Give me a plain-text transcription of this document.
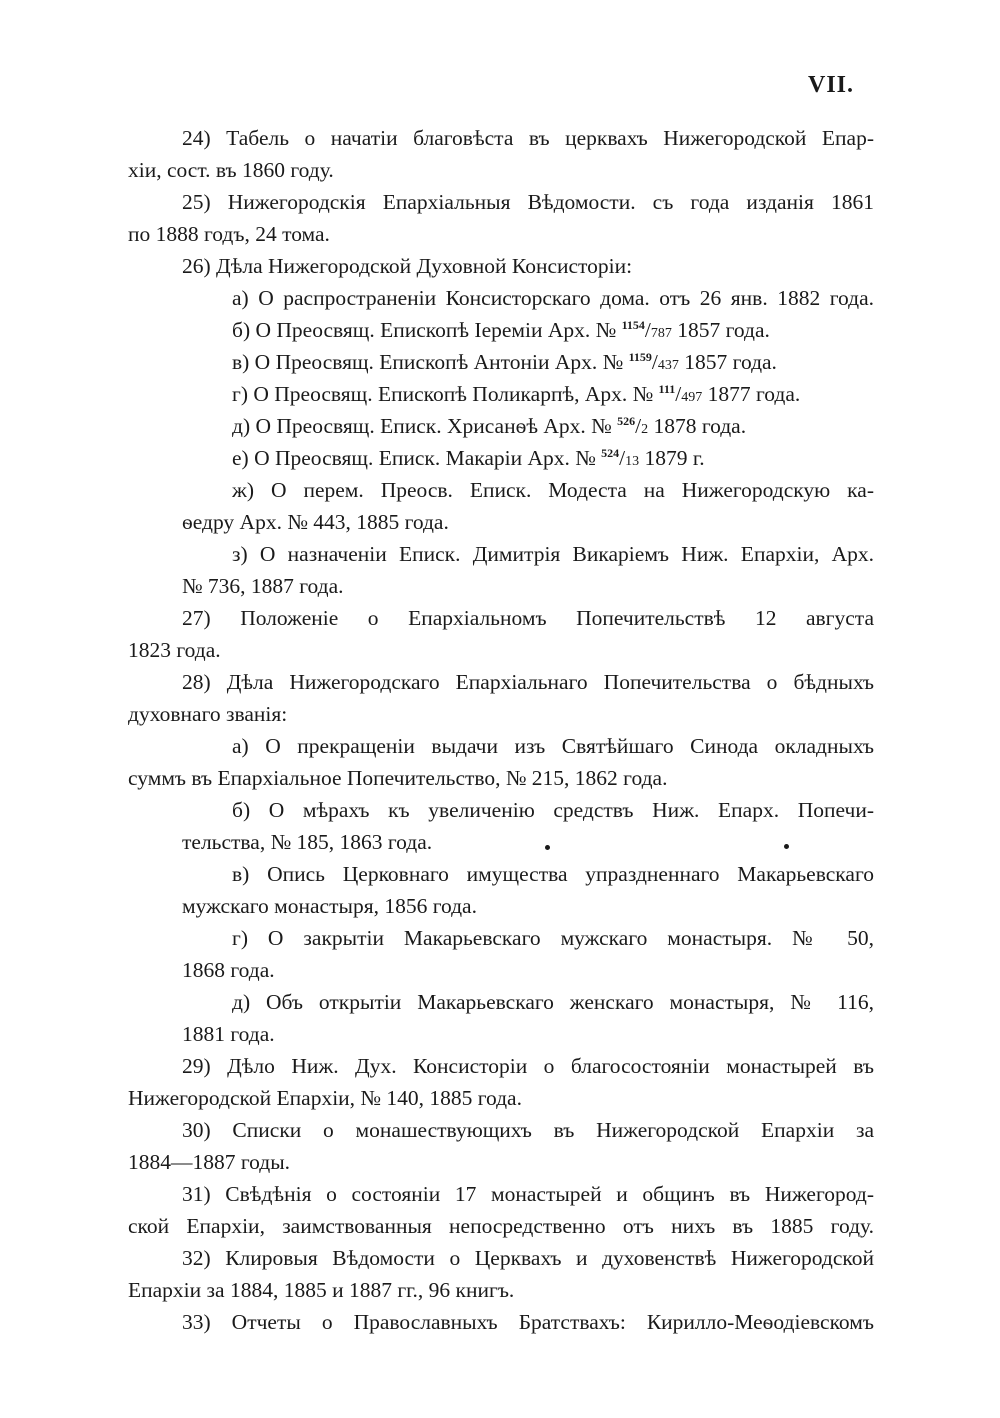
VII.
24) Табель о начатіи благовѣста въ церквахъ Нижегородской Епар-
хіи, сост. въ 1860 году.
25) Нижегородскія Епархіальныя Вѣдомости. съ года изданія 1861
по 1888 годъ, 24 тома.
26) Дѣла Нижегородской Духовной Консисторіи:
а) О распространеніи Консисторскаго дома. отъ 26 янв. 1882 года.
б) О Преосвящ. Епископѣ Іереміи Арх. № $^{1154}$/787 1857 года.
в) О Преосвящ. Епископѣ Антоніи Арх. № $^{1159}$/437 1857 года.
г) О Преосвящ. Епископѣ Поликарпѣ, Арх. № $^{111}$/497 1877 года.
д) О Преосвящ. Еписк. Хрисанѳѣ Арх. № $^{526}$/2 1878 года.
е) О Преосвящ. Еписк. Макаріи Арх. № $^{524}$/13 1879 г.
ж) О перем. Преосв. Еписк. Модеста на Нижегородскую ка-
ѳедру Арх. № 443, 1885 года.
з) О назначеніи Еписк. Димитрія Викаріемъ Ниж. Епархіи, Арх.
№ 736, 1887 года.
27) Положеніе о Епархіальномъ Попечительствѣ 12 августа
1823 года.
28) Дѣла Нижегородскаго Епархіальнаго Попечительства о бѣдныхъ
духовнаго званія:
а) О прекращеніи выдачи изъ Святѣйшаго Синода окладныхъ
суммъ въ Епархіальное Попечительство, № 215, 1862 года.
б) О мѣрахъ къ увеличенію средствъ Ниж. Епарх. Попечи-
тельства, № 185, 1863 года.
в) Опись Церковнаго имущества упраздненнаго Макарьевскаго
мужскаго монастыря, 1856 года.
г) О закрытіи Макарьевскаго мужскаго монастыря. № 50,
1868 года.
д) Объ открытіи Макарьевскаго женскаго монастыря, № 116,
1881 года.
29) Дѣло Ниж. Дух. Консисторіи о благосостояніи монастырей въ
Нижегородской Епархіи, № 140, 1885 года.
30) Списки о монашествующихъ въ Нижегородской Епархіи за
1884—1887 годы.
31) Свѣдѣнія о состояніи 17 монастырей и общинъ въ Нижегород-
ской Епархіи, заимствованныя непосредственно отъ нихъ въ 1885 году.
32) Клировыя Вѣдомости о Церквахъ и духовенствѣ Нижегородской
Епархіи за 1884, 1885 и 1887 гг., 96 книгъ.
33) Отчеты о Православныхъ Братствахъ: Кирилло-Меѳодіевскомъ
